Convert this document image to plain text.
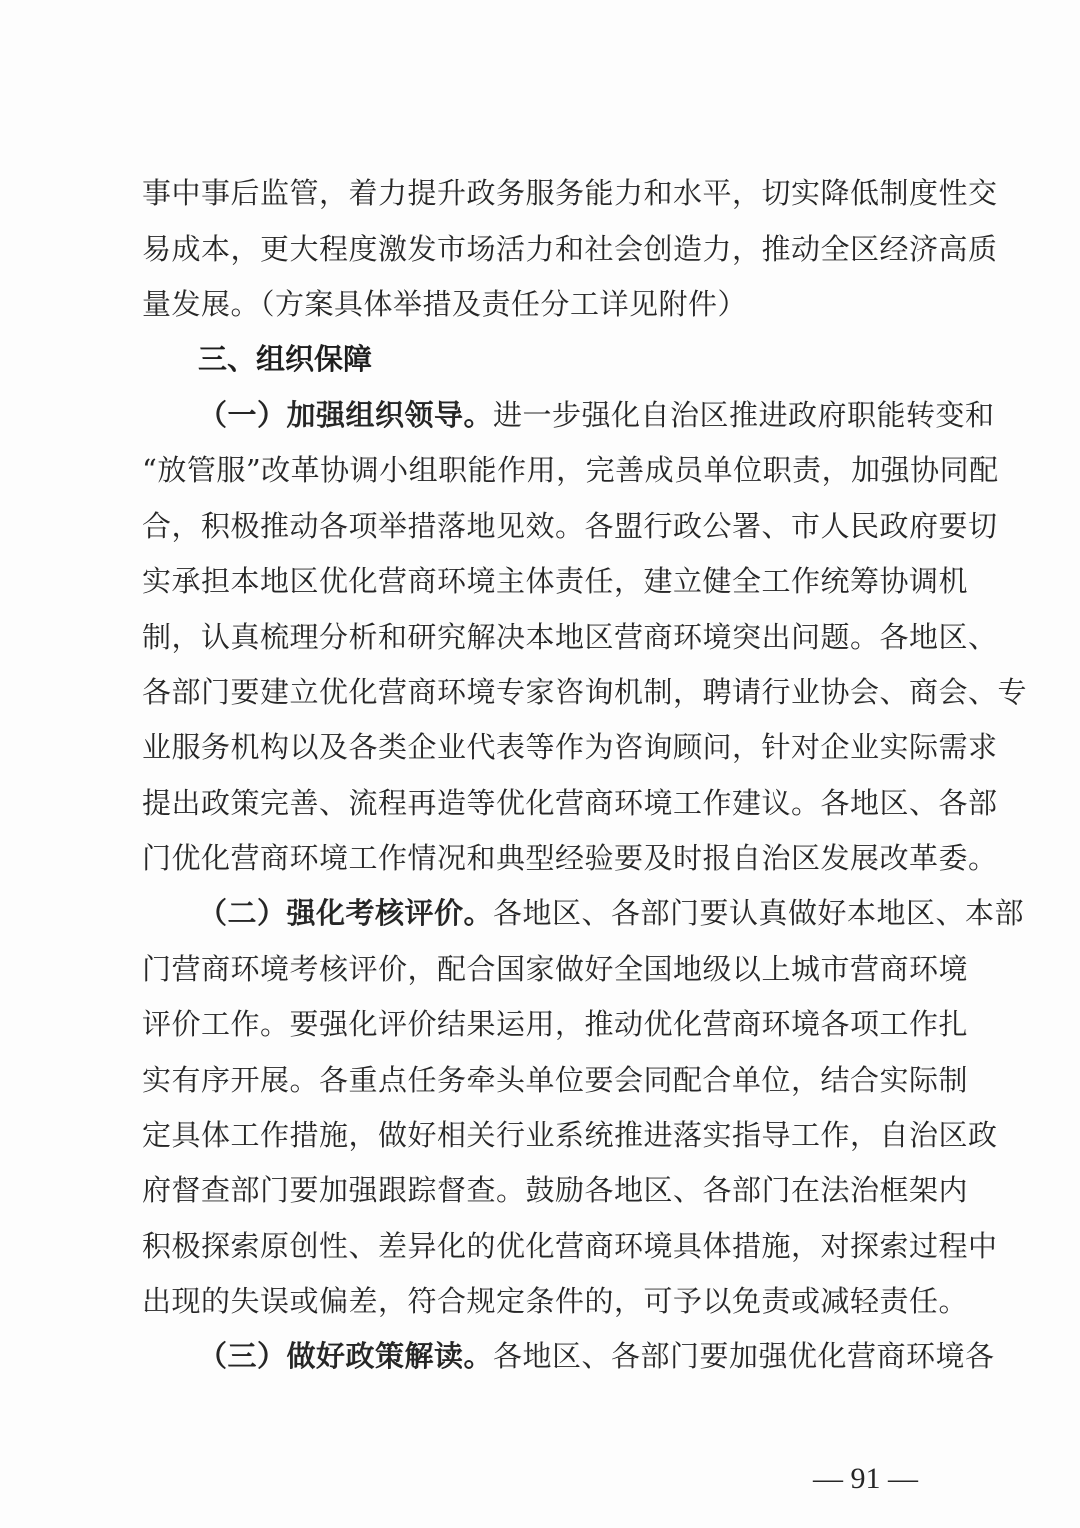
事中事后监管，着力提升政务服务能力和水平，切实降低制度性交
易成本，更大程度激发市场活力和社会创造力，推动全区经济高质
量发展。（方案具体举措及责任分工详见附件）
三、组织保障
（一）加强组织领导。进一步强化自治区推进政府职能转变和
“放管服”改革协调小组职能作用，完善成员单位职责，加强协同配
合，积极推动各项举措落地见效。各盟行政公署、市人民政府要切
实承担本地区优化营商环境主体责任，建立健全工作统筹协调机
制，认真梳理分析和研究解决本地区营商环境突出问题。各地区、
各部门要建立优化营商环境专家咨询机制，聘请行业协会、商会、专
业服务机构以及各类企业代表等作为咨询顾问，针对企业实际需求
提出政策完善、流程再造等优化营商环境工作建议。各地区、各部
门优化营商环境工作情况和典型经验要及时报自治区发展改革委。
（二）强化考核评价。各地区、各部门要认真做好本地区、本部
门营商环境考核评价，配合国家做好全国地级以上城市营商环境
评价工作。要强化评价结果运用，推动优化营商环境各项工作扎
实有序开展。各重点任务牵头单位要会同配合单位，结合实际制
定具体工作措施，做好相关行业系统推进落实指导工作，自治区政
府督查部门要加强跟踪督查。鼓励各地区、各部门在法治框架内
积极探索原创性、差异化的优化营商环境具体措施，对探索过程中
出现的失误或偏差，符合规定条件的，可予以免责或减轻责任。
（三）做好政策解读。各地区、各部门要加强优化营商环境各
— 91 —
